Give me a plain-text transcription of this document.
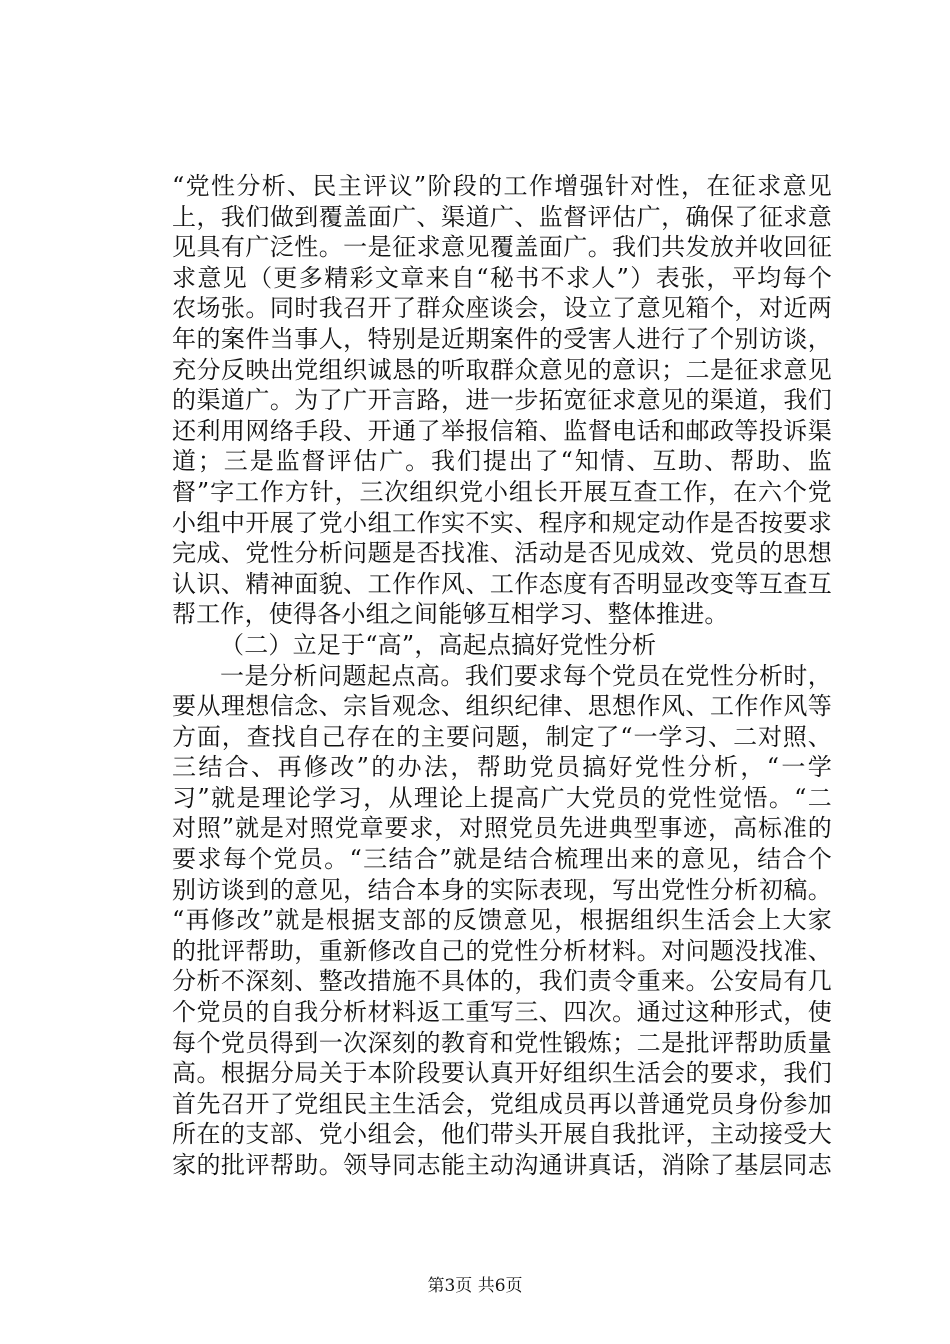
“党性分析、民主评议”阶段的工作增强针对性，在征求意见
上，我们做到覆盖面广、渠道广、监督评估广，确保了征求意
见具有广泛性。一是征求意见覆盖面广。我们共发放并收回征
求意见（更多精彩文章来自“秘书不求人”）表张，平均每个
农场张。同时我召开了群众座谈会，设立了意见箱个，对近两
年的案件当事人，特别是近期案件的受害人进行了个别访谈，
充分反映出党组织诚恳的听取群众意见的意识；二是征求意见
的渠道广。为了广开言路，进一步拓宽征求意见的渠道，我们
还利用网络手段、开通了举报信箱、监督电话和邮政等投诉渠
道；三是监督评估广。我们提出了“知情、互助、帮助、监
督”字工作方针，三次组织党小组长开展互查工作，在六个党
小组中开展了党小组工作实不实、程序和规定动作是否按要求
完成、党性分析问题是否找准、活动是否见成效、党员的思想
认识、精神面貌、工作作风、工作态度有否明显改变等互查互
帮工作，使得各小组之间能够互相学习、整体推进。
（二）立足于“高”，高起点搞好党性分析
一是分析问题起点高。我们要求每个党员在党性分析时，
要从理想信念、宗旨观念、组织纪律、思想作风、工作作风等
方面，查找自己存在的主要问题，制定了“一学习、二对照、
三结合、再修改”的办法，帮助党员搞好党性分析，“一学
习”就是理论学习，从理论上提高广大党员的党性觉悟。“二
对照”就是对照党章要求，对照党员先进典型事迹，高标准的
要求每个党员。“三结合”就是结合梳理出来的意见，结合个
别访谈到的意见，结合本身的实际表现，写出党性分析初稿。
“再修改”就是根据支部的反馈意见，根据组织生活会上大家
的批评帮助，重新修改自己的党性分析材料。对问题没找准、
分析不深刻、整改措施不具体的，我们责令重来。公安局有几
个党员的自我分析材料返工重写三、四次。通过这种形式，使
每个党员得到一次深刻的教育和党性锻炼；二是批评帮助质量
高。根据分局关于本阶段要认真开好组织生活会的要求，我们
首先召开了党组民主生活会，党组成员再以普通党员身份参加
所在的支部、党小组会，他们带头开展自我批评，主动接受大
家的批评帮助。领导同志能主动沟通讲真话，消除了基层同志
第3页 共6页
